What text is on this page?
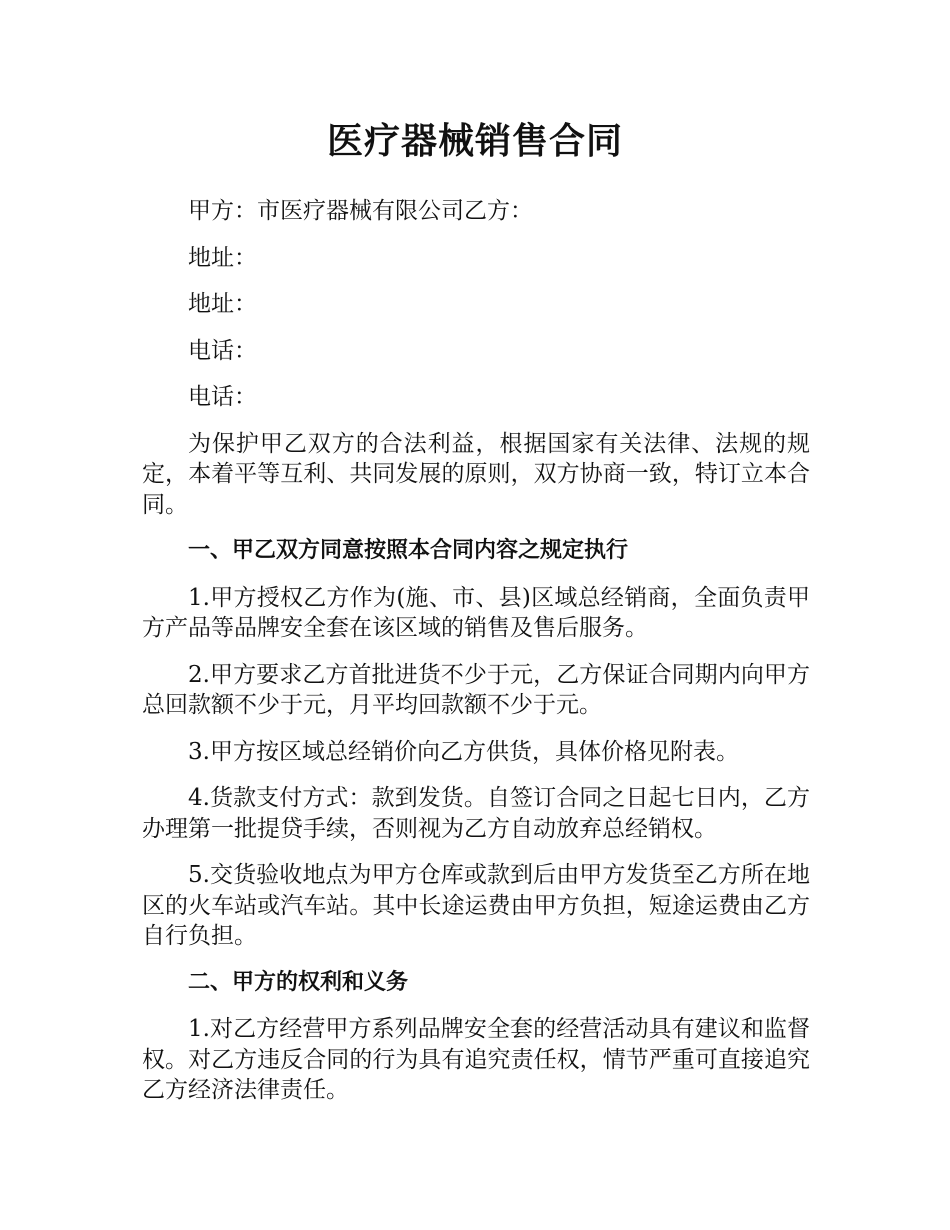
医疗器械销售合同

甲方：市医疗器械有限公司乙方：

地址：

地址：

电话：

电话：

为保护甲乙双方的合法利益，根据国家有关法律、法规的规定，本着平等互利、共同发展的原则，双方协商一致，特订立本合同。

一、甲乙双方同意按照本合同内容之规定执行

1.甲方授权乙方作为(施、市、县)区域总经销商，全面负责甲方产品等品牌安全套在该区域的销售及售后服务。

2.甲方要求乙方首批进货不少于元，乙方保证合同期内向甲方总回款额不少于元，月平均回款额不少于元。

3.甲方按区域总经销价向乙方供货，具体价格见附表。

4.货款支付方式：款到发货。自签订合同之日起七日内，乙方办理第一批提贷手续，否则视为乙方自动放弃总经销权。

5.交货验收地点为甲方仓库或款到后由甲方发货至乙方所在地区的火车站或汽车站。其中长途运费由甲方负担，短途运费由乙方自行负担。

二、甲方的权利和义务

1.对乙方经营甲方系列品牌安全套的经营活动具有建议和监督权。对乙方违反合同的行为具有追究责任权，情节严重可直接追究乙方经济法律责任。
